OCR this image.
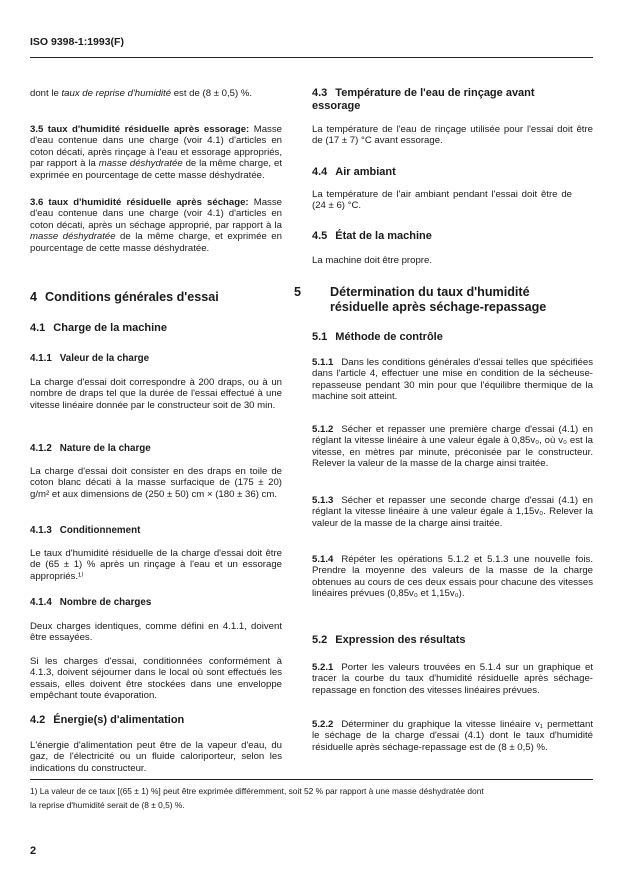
ISO 9398-1:1993(F)
dont le taux de reprise d'humidité est de (8 ± 0,5) %.
3.5 taux d'humidité résiduelle après essorage: Masse d'eau contenue dans une charge (voir 4.1) d'articles en coton décati, après rinçage à l'eau et essorage appropriés, par rapport à la masse déshydratée de la même charge, et exprimée en pourcentage de cette masse déshydratée.
3.6 taux d'humidité résiduelle après séchage: Masse d'eau contenue dans une charge (voir 4.1) d'articles en coton décati, après un séchage approprié, par rapport à la masse déshydratée de la même charge, et exprimée en pourcentage de cette masse déshydratée.
4 Conditions générales d'essai
4.1 Charge de la machine
4.1.1 Valeur de la charge
La charge d'essai doit correspondre à 200 draps, ou à un nombre de draps tel que la durée de l'essai effectué à une vitesse linéaire donnée par le constructeur soit de 30 min.
4.1.2 Nature de la charge
La charge d'essai doit consister en des draps en toile de coton blanc décati à la masse surfacique de (175 ± 20) g/m² et aux dimensions de (250 ± 50) cm × (180 ± 36) cm.
4.1.3 Conditionnement
Le taux d'humidité résiduelle de la charge d'essai doit être de (65 ± 1) % après un rinçage à l'eau et un essorage appropriés.¹⁾
4.1.4 Nombre de charges
Deux charges identiques, comme défini en 4.1.1, doivent être essayées.
Si les charges d'essai, conditionnées conformément à 4.1.3, doivent séjourner dans le local où sont effectués les essais, elles doivent être stockées dans une enveloppe empêchant toute évaporation.
4.2 Énergie(s) d'alimentation
L'énergie d'alimentation peut être de la vapeur d'eau, du gaz, de l'électricité ou un fluide caloriporteur, selon les indications du constructeur.
4.3 Température de l'eau de rinçage avant essorage
La température de l'eau de rinçage utilisée pour l'essai doit être de (17 ± 7) °C avant essorage.
4.4 Air ambiant
La température de l'air ambiant pendant l'essai doit être de (24 ± 6) °C.
4.5 État de la machine
La machine doit être propre.
5 Détermination du taux d'humidité résiduelle après séchage-repassage
5.1 Méthode de contrôle
5.1.1 Dans les conditions générales d'essai telles que spécifiées dans l'article 4, effectuer une mise en condition de la sécheuse-repasseuse pendant 30 min pour que l'équilibre thermique de la machine soit atteint.
5.1.2 Sécher et repasser une première charge d'essai (4.1) en réglant la vitesse linéaire à une valeur égale à 0,85v₀, où v₀ est la vitesse, en mètres par minute, préconisée par le constructeur. Relever la valeur de la masse de la charge ainsi traitée.
5.1.3 Sécher et repasser une seconde charge d'essai (4.1) en réglant la vitesse linéaire à une valeur égale à 1,15v₀. Relever la valeur de la masse de la charge ainsi traitée.
5.1.4 Répéter les opérations 5.1.2 et 5.1.3 une nouvelle fois. Prendre la moyenne des valeurs de la masse de la charge obtenues au cours de ces deux essais pour chacune des vitesses linéaires prévues (0,85v₀ et 1,15v₀).
5.2 Expression des résultats
5.2.1 Porter les valeurs trouvées en 5.1.4 sur un graphique et tracer la courbe du taux d'humidité résiduelle après séchage-repassage en fonction des vitesses linéaires prévues.
5.2.2 Déterminer du graphique la vitesse linéaire v₁ permettant le séchage de la charge d'essai (4.1) dont le taux d'humidité résiduelle après séchage-repassage est de (8 ± 0,5) %.
1) La valeur de ce taux [(65 ± 1) %] peut être exprimée différemment, soit 52 % par rapport à une masse déshydratée dont
la reprise d'humidité serait de (8 ± 0,5) %.
2
